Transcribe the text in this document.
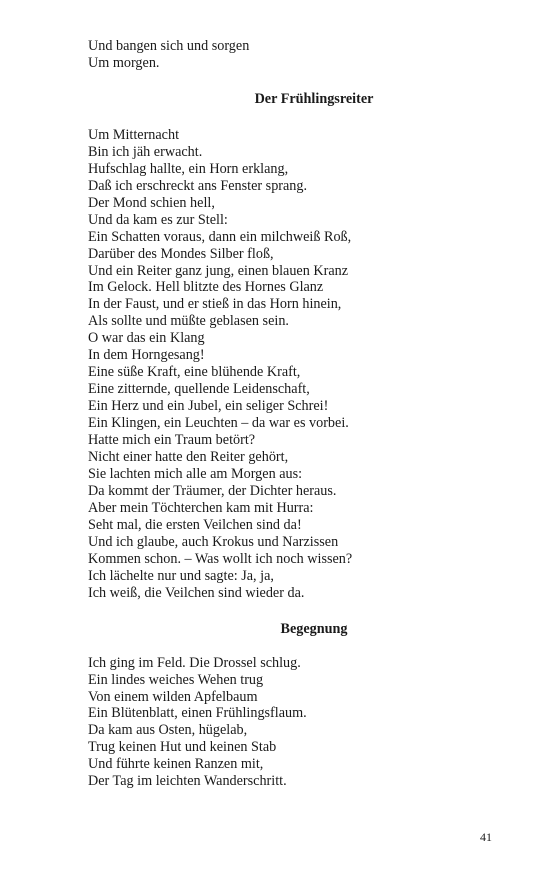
Und bangen sich und sorgen
Um morgen.
Der Frühlingsreiter
Um Mitternacht
Bin ich jäh erwacht.
Hufschlag hallte, ein Horn erklang,
Daß ich erschreckt ans Fenster sprang.
Der Mond schien hell,
Und da kam es zur Stell:
Ein Schatten voraus, dann ein milchweiß Roß,
Darüber des Mondes Silber floß,
Und ein Reiter ganz jung, einen blauen Kranz
Im Gelock. Hell blitzte des Hornes Glanz
In der Faust, und er stieß in das Horn hinein,
Als sollte und müßte geblasen sein.
O war das ein Klang
In dem Horngesang!
Eine süße Kraft, eine blühende Kraft,
Eine zitternde, quellende Leidenschaft,
Ein Herz und ein Jubel, ein seliger Schrei!
Ein Klingen, ein Leuchten – da war es vorbei.
Hatte mich ein Traum betört?
Nicht einer hatte den Reiter gehört,
Sie lachten mich alle am Morgen aus:
Da kommt der Träumer, der Dichter heraus.
Aber mein Töchterchen kam mit Hurra:
Seht mal, die ersten Veilchen sind da!
Und ich glaube, auch Krokus und Narzissen
Kommen schon. – Was wollt ich noch wissen?
Ich lächelte nur und sagte: Ja, ja,
Ich weiß, die Veilchen sind wieder da.
Begegnung
Ich ging im Feld. Die Drossel schlug.
Ein lindes weiches Wehen trug
Von einem wilden Apfelbaum
Ein Blütenblatt, einen Frühlingsflaum.
Da kam aus Osten, hügelab,
Trug keinen Hut und keinen Stab
Und führte keinen Ranzen mit,
Der Tag im leichten Wanderschritt.
41
